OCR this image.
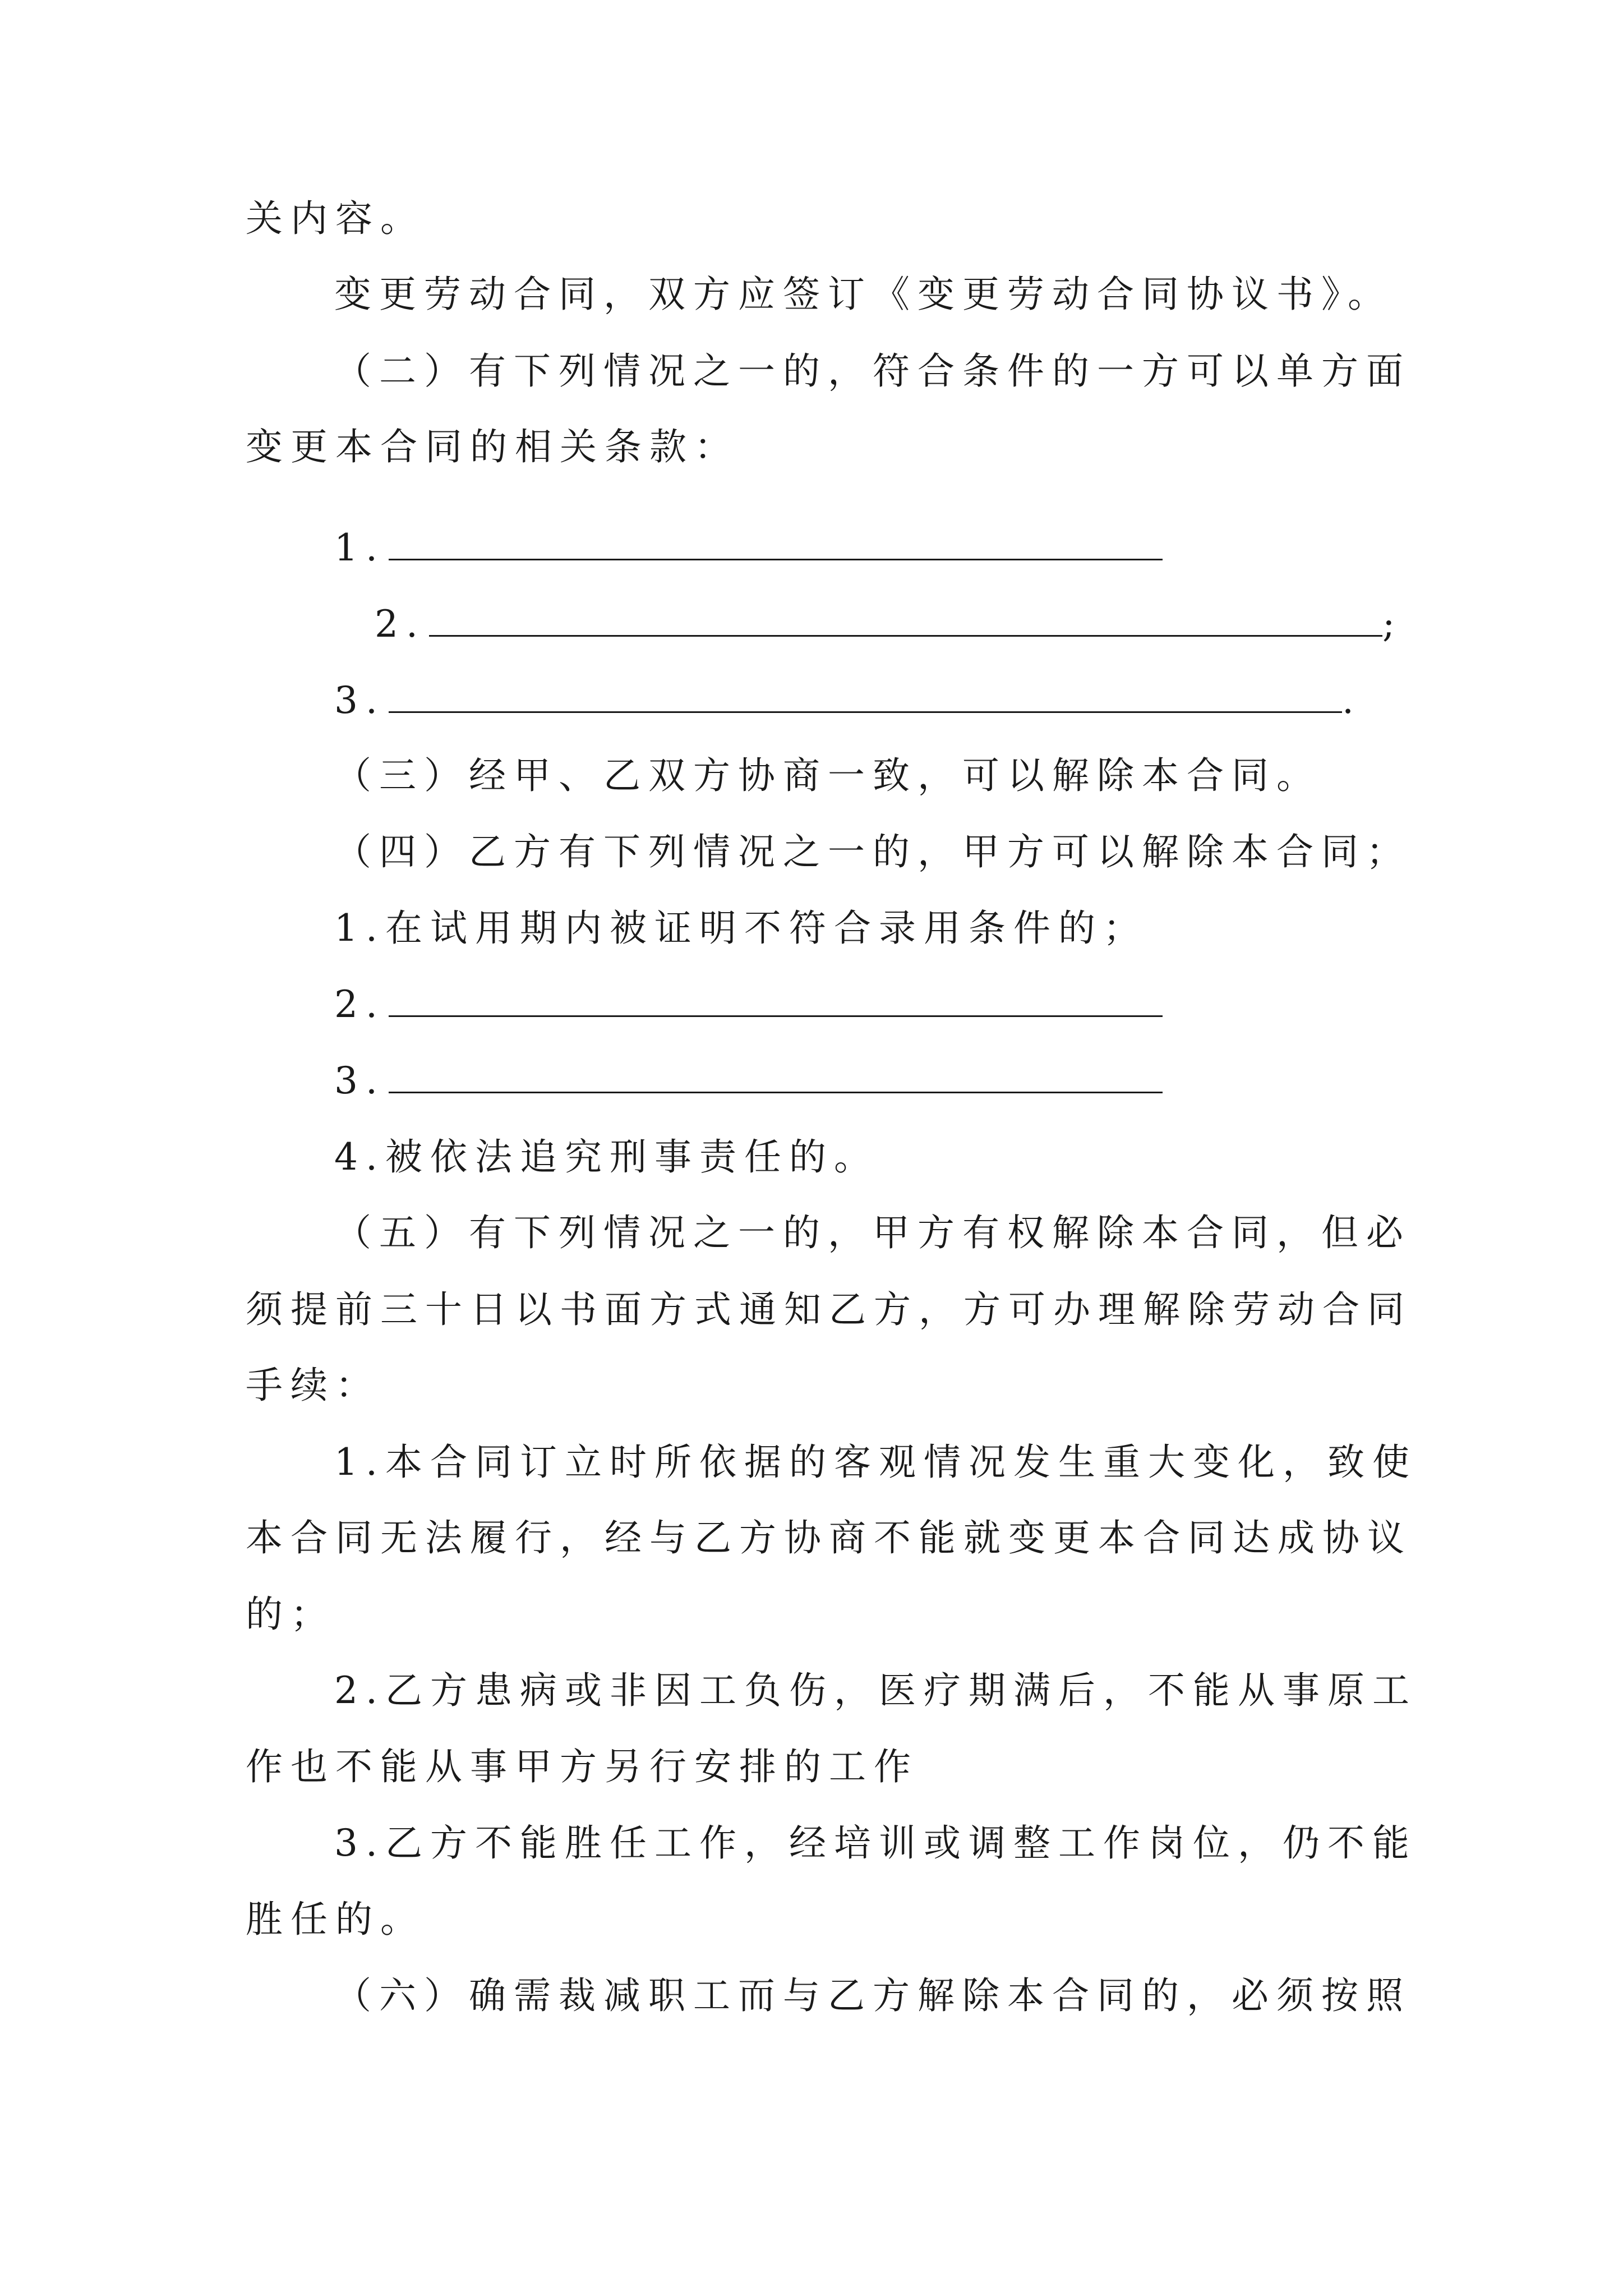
关内容。
变更劳动合同，双方应签订《变更劳动合同协议书》。
（二）有下列情况之一的，符合条件的一方可以单方面
变更本合同的相关条款：
1.
2.	;
3.	.
（三）经甲、乙双方协商一致，可以解除本合同。
（四）乙方有下列情况之一的，甲方可以解除本合同；
1.在试用期内被证明不符合录用条件的；
2.
3.
4.被依法追究刑事责任的。
（五）有下列情况之一的，甲方有权解除本合同，但必
须提前三十日以书面方式通知乙方，方可办理解除劳动合同
手续：
1.本合同订立时所依据的客观情况发生重大变化，致使
本合同无法履行，经与乙方协商不能就变更本合同达成协议
的；
2.乙方患病或非因工负伤，医疗期满后，不能从事原工
作也不能从事甲方另行安排的工作
3.乙方不能胜任工作，经培训或调整工作岗位，仍不能
胜任的。
（六）确需裁减职工而与乙方解除本合同的，必须按照
